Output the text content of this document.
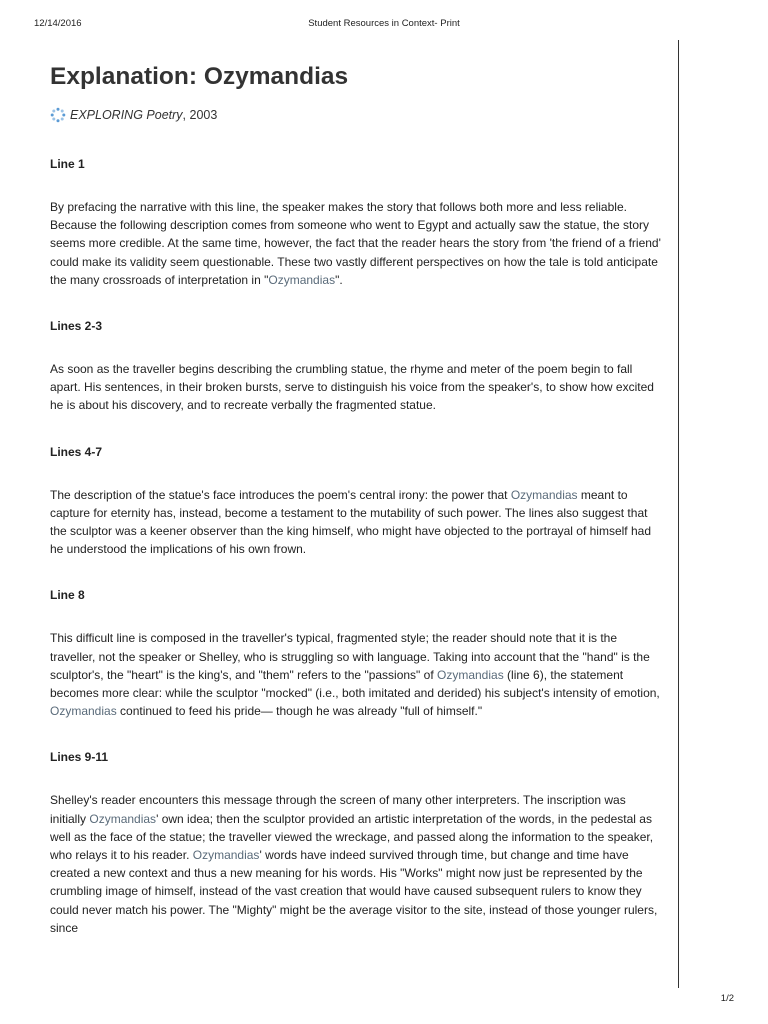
12/14/2016	Student Resources in Context- Print
Explanation: Ozymandias
EXPLORING Poetry , 2003
Line 1

By prefacing the narrative with this line, the speaker makes the story that follows both more and less reliable. Because the following description comes from someone who went to Egypt and actually saw the statue, the story seems more credible. At the same time, however, the fact that the reader hears the story from 'the friend of a friend' could make its validity seem questionable. These two vastly different perspectives on how the tale is told anticipate the many crossroads of interpretation in "Ozymandias".

Lines 2-3

As soon as the traveller begins describing the crumbling statue, the rhyme and meter of the poem begin to fall apart. His sentences, in their broken bursts, serve to distinguish his voice from the speaker's, to show how excited he is about his discovery, and to recreate verbally the fragmented statue.

Lines 4-7

The description of the statue's face introduces the poem's central irony: the power that Ozymandias meant to capture for eternity has, instead, become a testament to the mutability of such power. The lines also suggest that the sculptor was a keener observer than the king himself, who might have objected to the portrayal of himself had he understood the implications of his own frown.

Line 8

This difficult line is composed in the traveller's typical, fragmented style; the reader should note that it is the traveller, not the speaker or Shelley, who is struggling so with language. Taking into account that the "hand" is the sculptor's, the "heart" is the king's, and "them" refers to the "passions" of Ozymandias (line 6), the statement becomes more clear: while the sculptor "mocked" (i.e., both imitated and derided) his subject's intensity of emotion, Ozymandias continued to feed his pride— though he was already "full of himself."

Lines 9-11

Shelley's reader encounters this message through the screen of many other interpreters. The inscription was initially Ozymandias' own idea; then the sculptor provided an artistic interpretation of the words, in the pedestal as well as the face of the statue; the traveller viewed the wreckage, and passed along the information to the speaker, who relays it to his reader. Ozymandias' words have indeed survived through time, but change and time have created a new context and thus a new meaning for his words. His "Works" might now just be represented by the crumbling image of himself, instead of the vast creation that would have caused subsequent rulers to know they could never match his power. The "Mighty" might be the average visitor to the site, instead of those younger rulers, since

1/2
